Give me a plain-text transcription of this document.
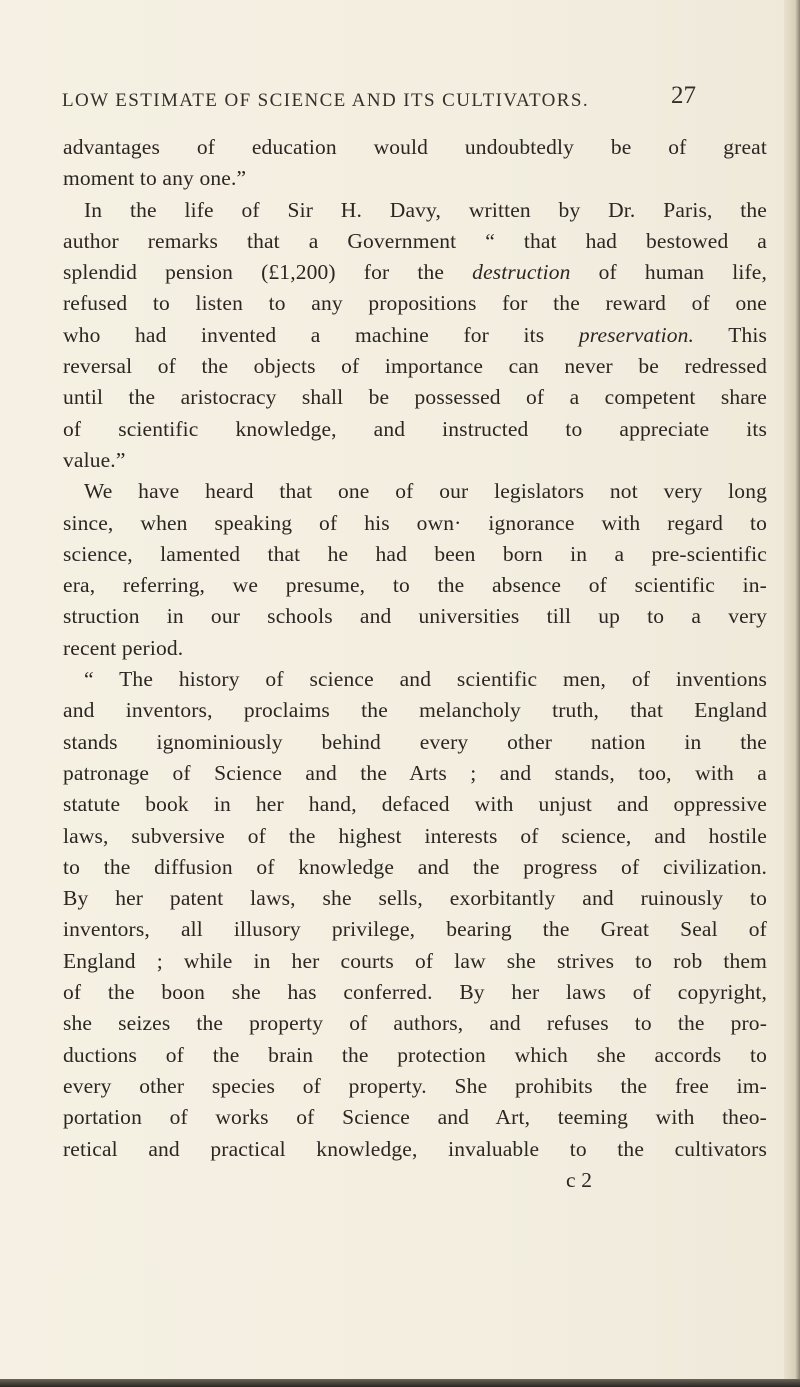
LOW ESTIMATE OF SCIENCE AND ITS CULTIVATORS.	27
advantages of education would undoubtedly be of great
moment to any one.”
In the life of Sir H. Davy, written by Dr. Paris, the
author remarks that a Government “ that had bestowed a
splendid pension (£1,200) for the destruction of human life,
refused to listen to any propositions for the reward of one
who had invented a machine for its preservation. This
reversal of the objects of importance can never be redressed
until the aristocracy shall be possessed of a competent share
of scientific knowledge, and instructed to appreciate its
value.”
We have heard that one of our legislators not very long
since, when speaking of his own· ignorance with regard to
science, lamented that he had been born in a pre-scientific
era, referring, we presume, to the absence of scientific in-
struction in our schools and universities till up to a very
recent period.
“ The history of science and scientific men, of inventions
and inventors, proclaims the melancholy truth, that England
stands ignominiously behind every other nation in the
patronage of Science and the Arts ; and stands, too, with a
statute book in her hand, defaced with unjust and oppressive
laws, subversive of the highest interests of science, and hostile
to the diffusion of knowledge and the progress of civilization.
By her patent laws, she sells, exorbitantly and ruinously to
inventors, all illusory privilege, bearing the Great Seal of
England ; while in her courts of law she strives to rob them
of the boon she has conferred. By her laws of copyright,
she seizes the property of authors, and refuses to the pro-
ductions of the brain the protection which she accords to
every other species of property. She prohibits the free im-
portation of works of Science and Art, teeming with theo-
retical and practical knowledge, invaluable to the cultivators
c 2
